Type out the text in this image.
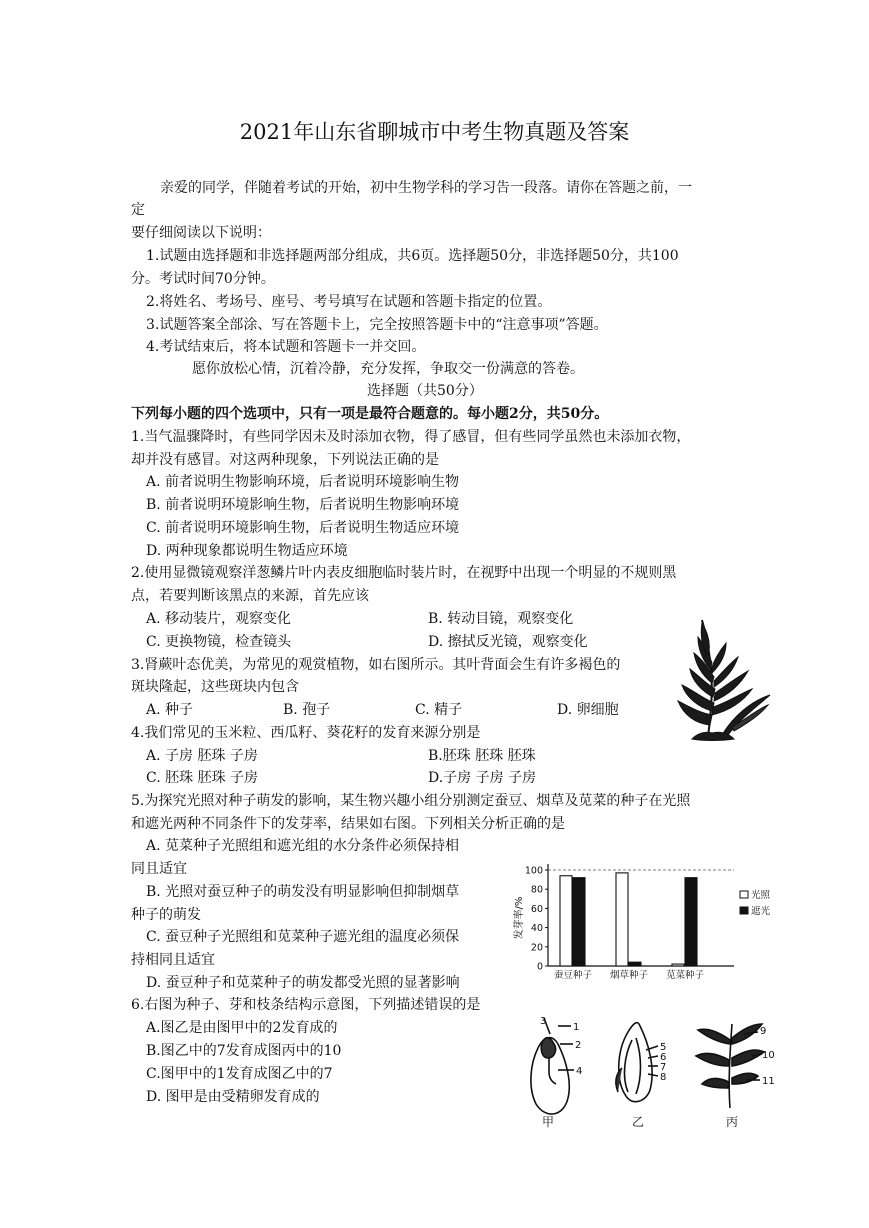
2021年山东省聊城市中考生物真题及答案
亲爱的同学，伴随着考试的开始，初中生物学科的学习告一段落。请你在答题之前，一
定
要仔细阅读以下说明：
1.试题由选择题和非选择题两部分组成，共6页。选择题50分，非选择题50分，共100
分。考试时间70分钟。
2.将姓名、考场号、座号、考号填写在试题和答题卡指定的位置。
3.试题答案全部涂、写在答题卡上，完全按照答题卡中的“注意事项”答题。
4.考试结束后，将本试题和答题卡一并交回。
愿你放松心情，沉着冷静，充分发挥，争取交一份满意的答卷。
选择题（共50分）
下列每小题的四个选项中，只有一项是最符合题意的。每小题2分，共50分。
1.当气温骤降时，有些同学因未及时添加衣物，得了感冒，但有些同学虽然也未添加衣物，
却并没有感冒。对这两种现象，下列说法正确的是
A. 前者说明生物影响环境，后者说明环境影响生物
B. 前者说明环境影响生物，后者说明生物影响环境
C. 前者说明环境影响生物，后者说明生物适应环境
D. 两种现象都说明生物适应环境
2.使用显微镜观察洋葱鳞片叶内表皮细胞临时装片时，在视野中出现一个明显的不规则黑
点，若要判断该黑点的来源，首先应该
A. 移动装片，观察变化	B. 转动目镜，观察变化
C. 更换物镜，检查镜头	D. 擦拭反光镜，观察变化
3.肾蕨叶态优美，为常见的观赏植物，如右图所示。其叶背面会生有许多褐色的
斑块隆起，这些斑块内包含
A. 种子	B. 孢子	C. 精子	D. 卵细胞
4.我们常见的玉米粒、西瓜籽、葵花籽的发育来源分别是
A. 子房 胚珠 子房	B.胚珠 胚珠 胚珠
C. 胚珠 胚珠 子房	D.子房 子房 子房
5.为探究光照对种子萌发的影响，某生物兴趣小组分别测定蚕豆、烟草及苋菜的种子在光照
和遮光两种不同条件下的发芽率，结果如右图。下列相关分析正确的是
A. 苋菜种子光照组和遮光组的水分条件必须保持相
同且适宜
B. 光照对蚕豆种子的萌发没有明显影响但抑制烟草
种子的萌发
C. 蚕豆种子光照组和苋菜种子遮光组的温度必须保
持相同且适宜
D. 蚕豆种子和苋菜种子的萌发都受光照的显著影响
0
20
40
60
80
100
发芽率/%
蚕豆种子 烟草种子 苋菜种子
光照
遮光
6.右图为种子、芽和枝条结构示意图，下列描述错误的是
A.图乙是由图甲中的2发育成的
B.图乙中的7发育成图丙中的10
C.图甲中的1发育成图乙中的7
D. 图甲是由受精卵发育成的
3
1
2
4
5
6
7
8
9
10
11
甲	乙	丙
